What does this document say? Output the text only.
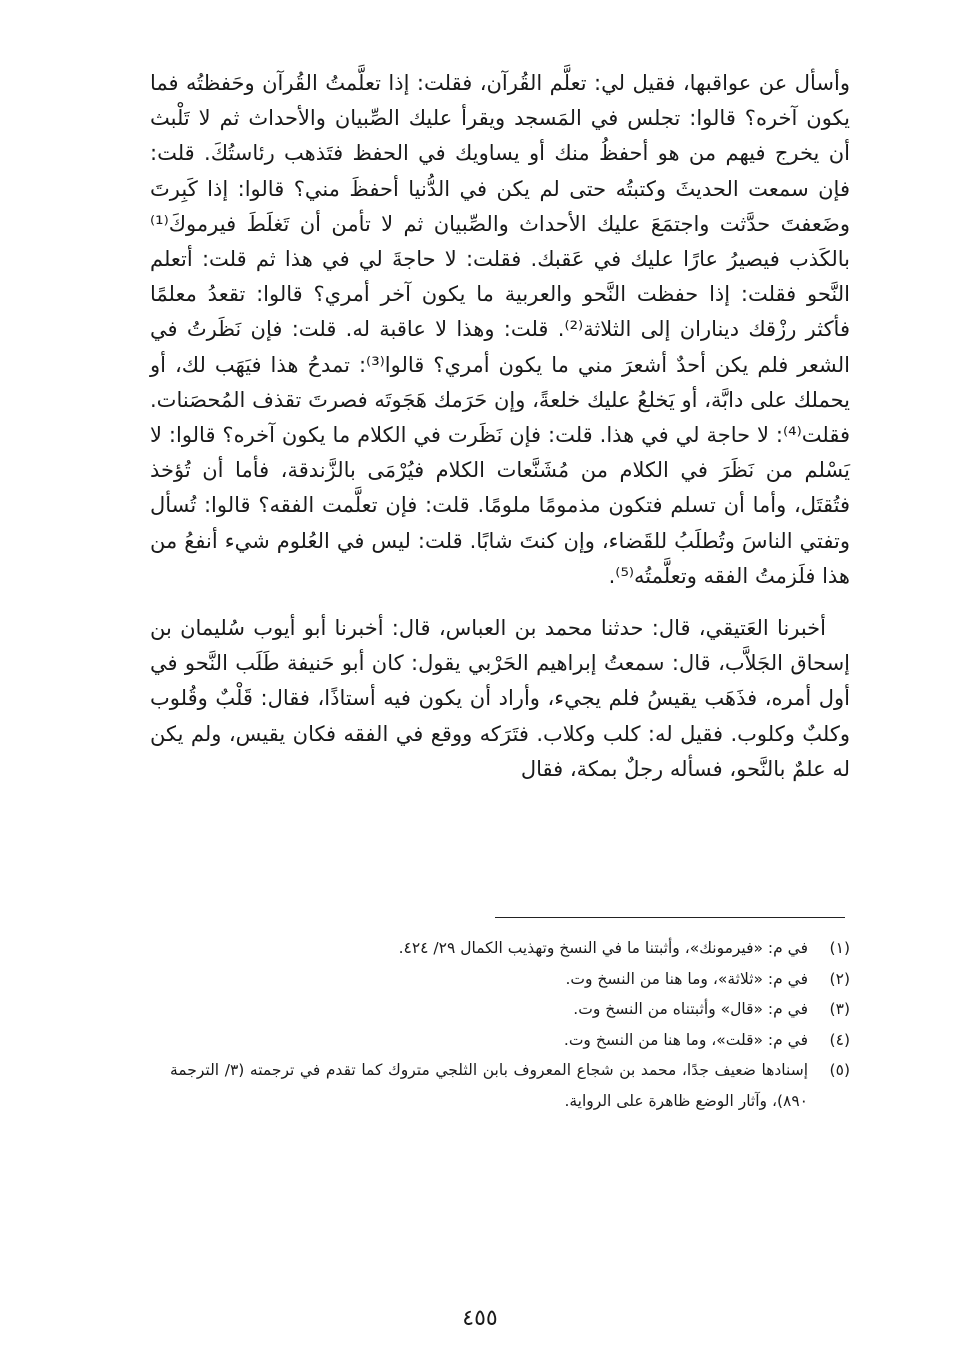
وأسأل عن عواقبها، فقيل لي: تعلَّم القُرآن، فقلت: إذا تعلَّمتُ القُرآن وحَفظتُه فما يكون آخره؟ قالوا: تجلس في المَسجد ويقرأ عليك الصِّبيان والأحداث ثم لا تَلْبث أن يخرج فيهم من هو أحفظُ منك أو يساويك في الحفظ فتَذهب رئاستُكَ. قلت: فإن سمعت الحديثَ وكتبتُه حتى لم يكن في الدُّنيا أحفظَ مني؟ قالوا: إذا كَبِرتَ وضَعفتَ حدَّثت واجتمَعَ عليك الأحداث والصِّبيان ثم لا تأمن أن تَغلَطَ فيرموكَ⁽¹⁾ بالكَذب فيصيرُ عارًا عليك في عَقبك. فقلت: لا حاجةَ لي في هذا ثم قلت: أتعلم النَّحو فقلت: إذا حفظت النَّحو والعربية ما يكون آخر أمري؟ قالوا: تقعدُ معلمًا فأكثر رزْقك ديناران إلى الثلاثة⁽²⁾. قلت: وهذا لا عاقبة له. قلت: فإن نَظَرتُ في الشعر فلم يكن أحدٌ أشعرَ مني ما يكون أمري؟ قالوا⁽³⁾: تمدحُ هذا فيَهَب لك، أو يحملك على دابَّة، أو يَخلعُ عليك خلعةً، وإن حَرَمك هَجَوتَه فصرتَ تقذف المُحصَنات. فقلت⁽⁴⁾: لا حاجة لي في هذا. قلت: فإن نَظَرت في الكلام ما يكون آخره؟ قالوا: لا يَسْلم من نَظَرَ في الكلام من مُشَنَّعات الكلام فيُرْمَى بالزَّندقة، فأما أن تُؤخذ فتُقتَل، وأما أن تسلم فتكون مذمومًا ملومًا. قلت: فإن تعلَّمت الفقه؟ قالوا: تُسأل وتفتي الناسَ وتُطلَبُ للقَضاء، وإن كنتَ شابًا. قلت: ليس في العُلوم شيء أنفعُ من هذا فلَزمتُ الفقه وتعلَّمتُه⁽⁵⁾.

أخبرنا العَتيقي، قال: حدثنا محمد بن العباس، قال: أخبرنا أبو أيوب سُليمان بن إسحاق الجَلاَّب، قال: سمعتُ إبراهيم الحَرْبي يقول: كان أبو حَنيفة طَلَب النَّحو في أول أمره، فذَهَب يقيسُ فلم يجيء، وأراد أن يكون فيه أستاذًا، فقال: قَلْبٌ وقُلوب وكلبٌ وكلوب. فقيل له: كلب وكلاب. فتَرَكه ووقع في الفقه فكان يقيس، ولم يكن له علمٌ بالنَّحو، فسأله رجلٌ بمكة، فقال

(١)
في م: «فيرمونك»، وأثبتنا ما في النسخ وتهذيب الكمال ٢٩/ ٤٢٤.
(٢)
في م: «ثلاثة»، وما هنا من النسخ وت.
(٣)
في م: «قال» وأثبتناه من النسخ وت.
(٤)
في م: «قلت»، وما هنا من النسخ وت.
(٥)
إسنادها ضعيف جدًا، محمد بن شجاع المعروف بابن الثلجي متروك كما تقدم في ترجمته (٣/ الترجمة ٨٩٠)، وآثار الوضع ظاهرة على الرواية.
٤٥٥
